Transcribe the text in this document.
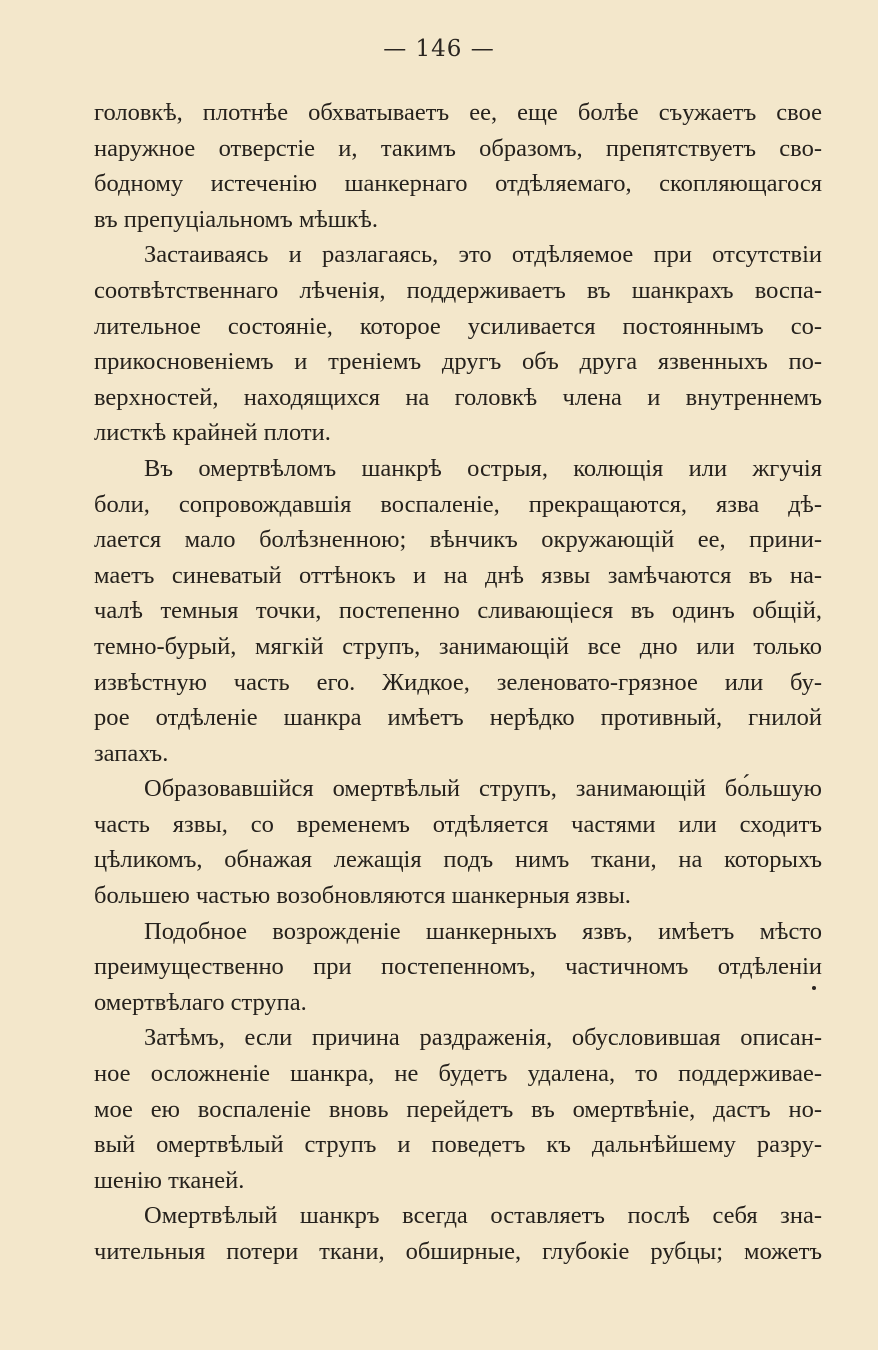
— 146 —
головкѣ, плотнѣе обхватываетъ ее, еще болѣе съужаетъ свое
наружное отверстіе и, такимъ образомъ, препятствуетъ сво-
бодному истеченію шанкернаго отдѣляемаго, скопляющагося
въ препуціальномъ мѣшкѣ.
Застаиваясь и разлагаясь, это отдѣляемое при отсутствіи
соотвѣтственнаго лѣченія, поддерживаетъ въ шанкрахъ воспа-
лительное состояніе, которое усиливается постояннымъ со-
прикосновеніемъ и треніемъ другъ объ друга язвенныхъ по-
верхностей, находящихся на головкѣ члена и внутреннемъ
листкѣ крайней плоти.
Въ омертвѣломъ шанкрѣ острыя, колющія или жгучія
боли, сопровождавшія воспаленіе, прекращаются, язва дѣ-
лается мало болѣзненною; вѣнчикъ окружающій ее, прини-
маетъ синеватый оттѣнокъ и на днѣ язвы замѣчаются въ на-
чалѣ темныя точки, постепенно сливающіеся въ одинъ общій,
темно-бурый, мягкій струпъ, занимающій все дно или только
извѣстную часть его. Жидкое, зеленовато-грязное или бу-
рое отдѣленіе шанкра имѣетъ нерѣдко противный, гнилой
запахъ.
Образовавшійся омертвѣлый струпъ, занимающій бо́льшую
часть язвы, со временемъ отдѣляется частями или сходитъ
цѣликомъ, обнажая лежащія подъ нимъ ткани, на которыхъ
большею частью возобновляются шанкерныя язвы.
Подобное возрожденіе шанкерныхъ язвъ, имѣетъ мѣсто
преимущественно при постепенномъ, частичномъ отдѣленіи
омертвѣлаго струпа.
Затѣмъ, если причина раздраженія, обусловившая описан-
ное осложненіе шанкра, не будетъ удалена, то поддерживае-
мое ею воспаленіе вновь перейдетъ въ омертвѣніе, дастъ но-
вый омертвѣлый струпъ и поведетъ къ дальнѣйшему разру-
шенію тканей.
Омертвѣлый шанкръ всегда оставляетъ послѣ себя зна-
чительныя потери ткани, обширные, глубокіе рубцы; можетъ
